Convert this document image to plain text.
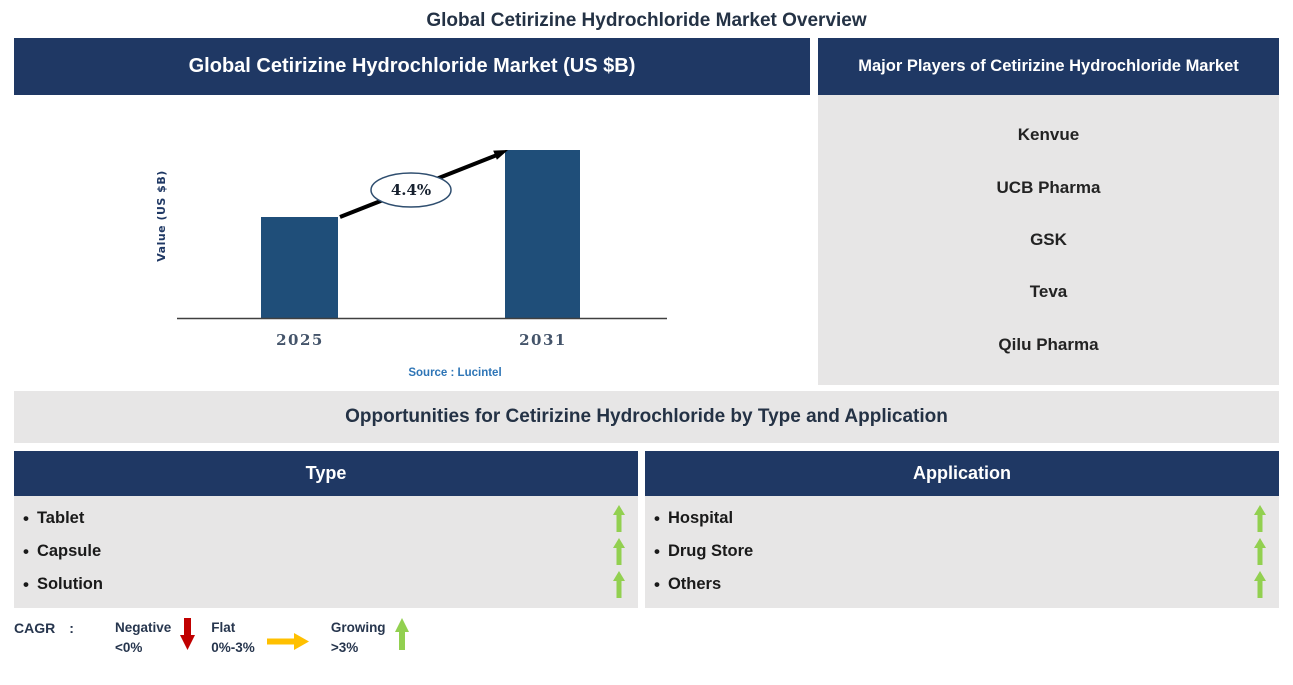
Global Cetirizine Hydrochloride Market Overview
Global Cetirizine Hydrochloride Market (US $B)
Value (US $B)	4.4%
2025	2031
Source : Lucintel
Major Players of Cetirizine Hydrochloride Market
Kenvue
UCB Pharma
GSK
Teva
Qilu Pharma
Opportunities for Cetirizine Hydrochloride by Type and Application
Type
• Tablet
• Capsule
• Solution
Application
• Hospital
• Drug Store
• Others
CAGR :	Negative
<0%
Flat
0%-3%
Growing
>3%
